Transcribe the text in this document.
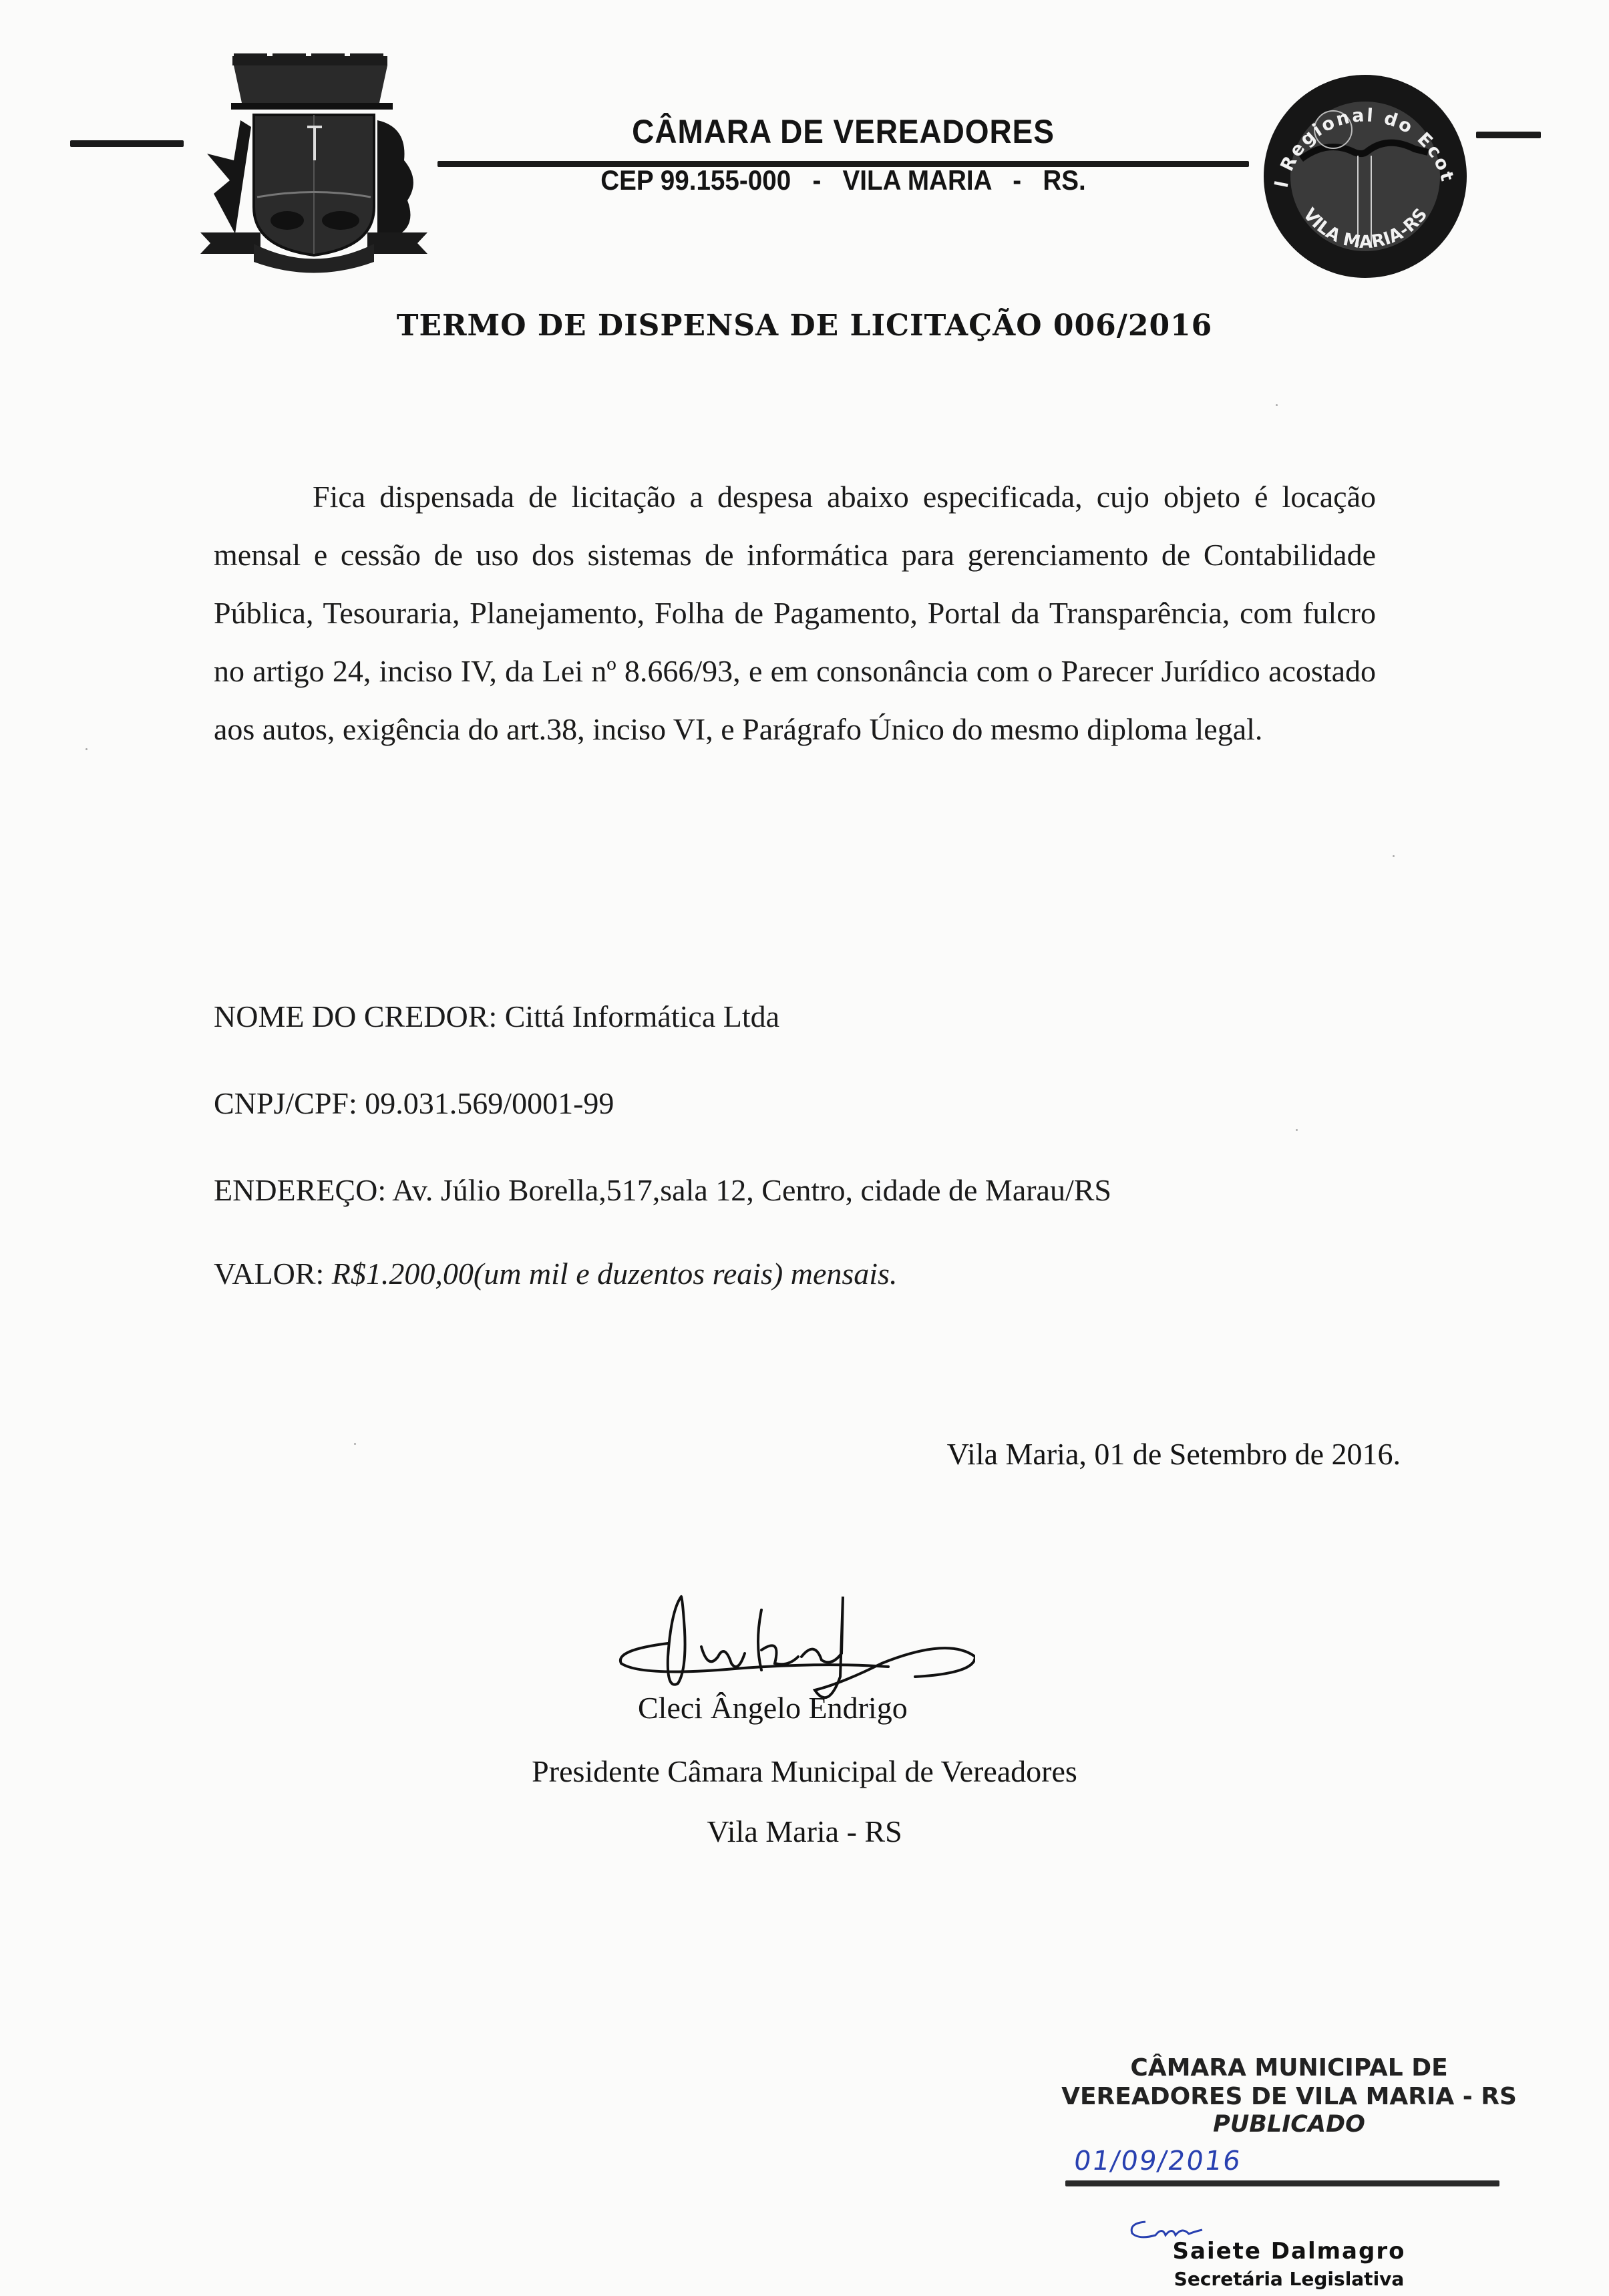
CÂMARA DE VEREADORES
CEP 99.155-000   -   VILA MARIA   -   RS.	l Regional do Ecot
VILA MARIA-RS
TERMO DE DISPENSA DE LICITAÇÃO 006/2016
Fica dispensada de licitação a despesa abaixo especificada, cujo objeto é locação mensal e cessão de uso dos sistemas de informática para gerenciamento de Contabilidade Pública, Tesouraria, Planejamento, Folha de Pagamento, Portal da Transparência, com fulcro no artigo 24, inciso IV, da Lei nº 8.666/93, e em consonância com o Parecer Jurídico acostado aos autos, exigência do art.38, inciso VI, e Parágrafo Único do mesmo diploma legal.
NOME DO CREDOR: Cittá Informática Ltda
CNPJ/CPF: 09.031.569/0001-99
ENDEREÇO: Av. Júlio Borella,517,sala 12, Centro, cidade de Marau/RS
VALOR: R$1.200,00(um mil e duzentos reais) mensais.
Vila Maria, 01 de Setembro de 2016.
Cleci Ângelo Endrigo
Presidente Câmara Municipal de Vereadores
Vila Maria - RS
CÂMARA MUNICIPAL DE
VEREADORES DE VILA MARIA - RS
PUBLICADO
01/09/2016
Saiete Dalmagro
Secretária Legislativa
